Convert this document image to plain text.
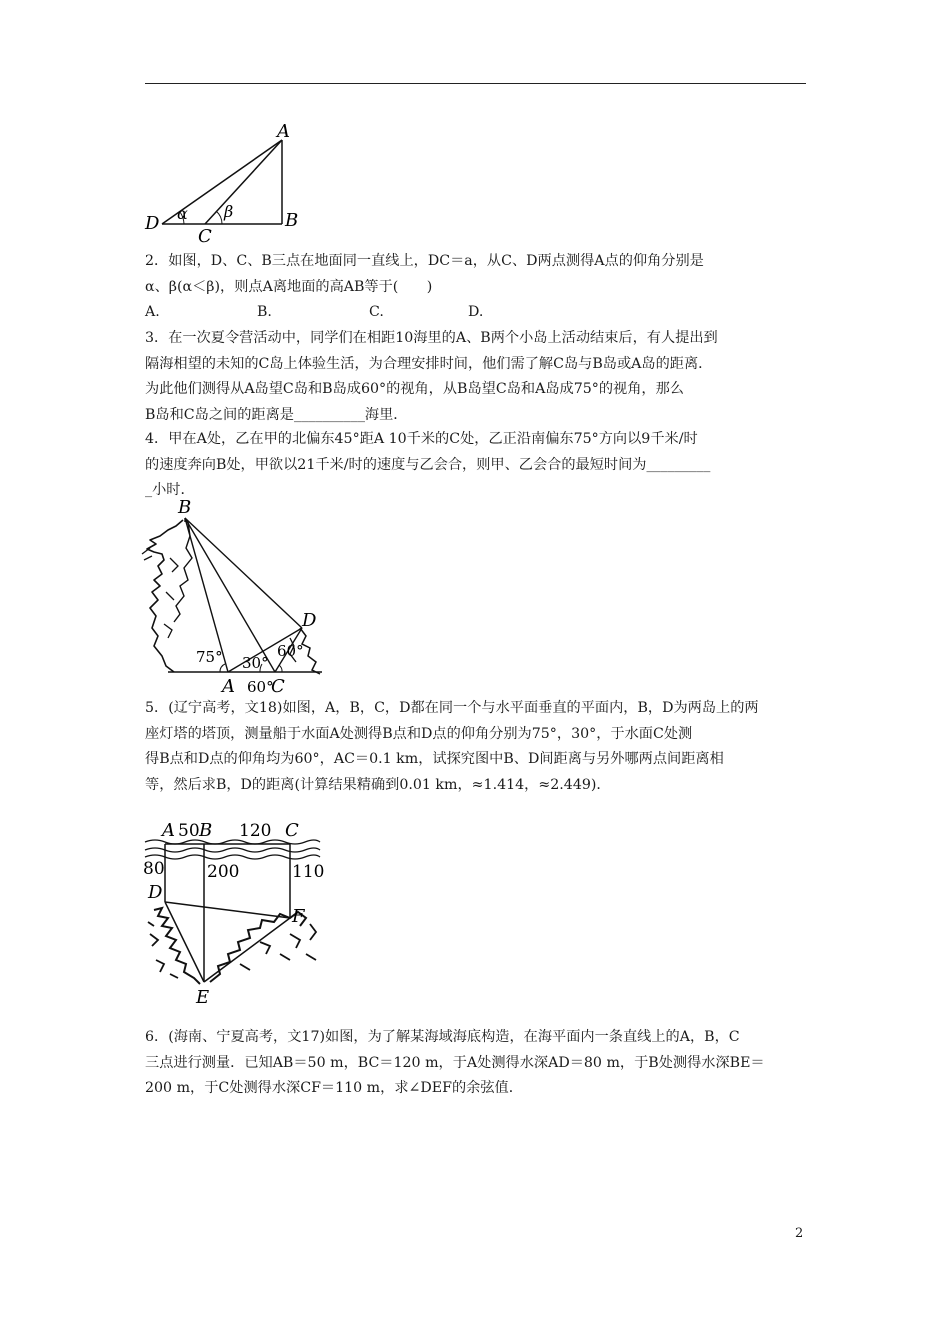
A
B
C
D α β

2．如图，D、C、B三点在地面同一直线上，DC＝a，从C、D两点测得A点的仰角分别是
α、β(α＜β)，则点A离地面的高AB等于(　　)
A.	B.	C.	D.

3．在一次夏令营活动中，同学们在相距10海里的A、B两个小岛上活动结束后，有人提出到
隔海相望的未知的C岛上体验生活，为合理安排时间，他们需了解C岛与B岛或A岛的距离．
为此他们测得从A岛望C岛和B岛成60°的视角，从B岛望C岛和A岛成75°的视角，那么
B岛和C岛之间的距离是__________海里．

4．甲在A处，乙在甲的北偏东45°距A 10千米的C处，乙正沿南偏东75°方向以9千米/时
的速度奔向B处，甲欲以21千米/时的速度与乙会合，则甲、乙会合的最短时间为_________
_小时．

B
D
A C
75° 30°
60°
60°

5．(辽宁高考，文18)如图，A，B，C，D都在同一个与水平面垂直的平面内，B，D为两岛上的两
座灯塔的塔顶，测量船于水面A处测得B点和D点的仰角分别为75°，30°，于水面C处测
得B点和D点的仰角均为60°，AC＝0.1 km，试探究图中B、D间距离与另外哪两点间距离相
等，然后求B，D的距离(计算结果精确到0.01 km，≈1.414，≈2.449)．

A 50 B 120 C
80 200	110
D
F
E

6．(海南、宁夏高考，文17)如图，为了解某海域海底构造，在海平面内一条直线上的A，B，C
三点进行测量．已知AB＝50 m，BC＝120 m，于A处测得水深AD＝80 m，于B处测得水深BE＝
200 m，于C处测得水深CF＝110 m，求∠DEF的余弦值．

2
